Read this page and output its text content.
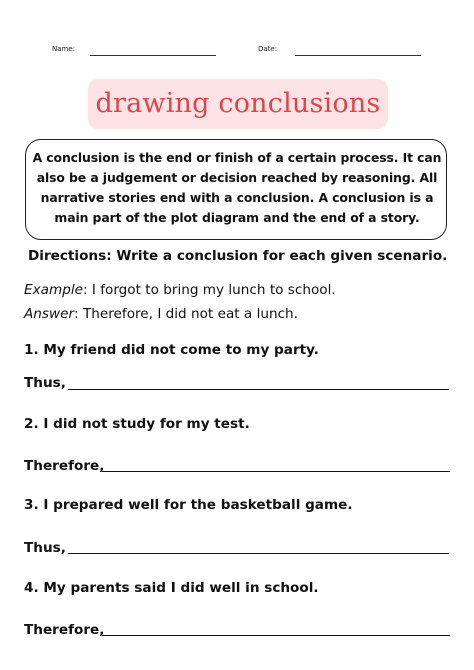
Name:	Date:
drawing conclusions
A conclusion is the end or finish of a certain process. It can also be a judgement or decision reached by reasoning. All narrative stories end with a conclusion. A conclusion is a main part of the plot diagram and the end of a story.
Directions: Write a conclusion for each given scenario.
Example: I forgot to bring my lunch to school.
Answer: Therefore, I did not eat a lunch.
1. My friend did not come to my party.
Thus,
2. I did not study for my test.
Therefore,
3. I prepared well for the basketball game.
Thus,
4. My parents said I did well in school.
Therefore,
